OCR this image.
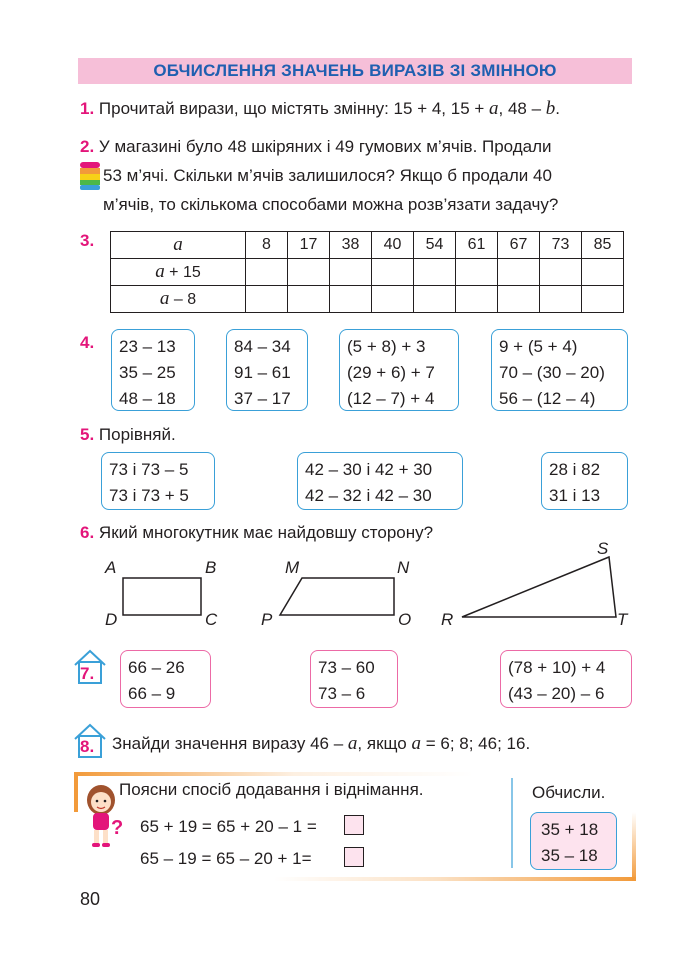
ОБЧИСЛЕННЯ ЗНАЧЕНЬ ВИРАЗІВ ЗІ ЗМІННОЮ
1. Прочитай вирази, що містять змінну: 15 + 4, 15 + a, 48 – b.
2. У магазині було 48 шкіряних і 49 гумових м’ячів. Продали
53 м’ячі. Скільки м’ячів залишилося? Якщо б продали 40
м’ячів, то скількома способами можна розв’язати задачу?
3.	a	8	17	38	40	54	61	67	73	85
a + 15									
a – 8									
4. 23 – 13
35 – 25
48 – 18
84 – 34
91 – 61
37 – 17
(5 + 8) + 3
(29 + 6) + 7
(12 – 7) + 4
9 + (5 + 4)
70 – (30 – 20)
56 – (12 – 4)
5. Порівняй.
73 і 73 – 5
73 і 73 + 5
42 – 30 і 42 + 30
42 – 32 і 42 – 30
28 і 82
31 і 13
6. Який многокутник має найдовшу сторону?
A	B
C
D
M	N
O
P	R
S
T
7. 66 – 26
66 – 9
73 – 60
73 – 6
(78 + 10) + 4
(43 – 20) – 6
8. Знайди значення виразу 46 – a, якщо a = 6; 8; 46; 16.
?
Поясни спосіб додавання і віднімання.
65 + 19 = 65 + 20 – 1 =
65 – 19 = 65 – 20 + 1=
Обчисли.
35 + 18
35 – 18
80
